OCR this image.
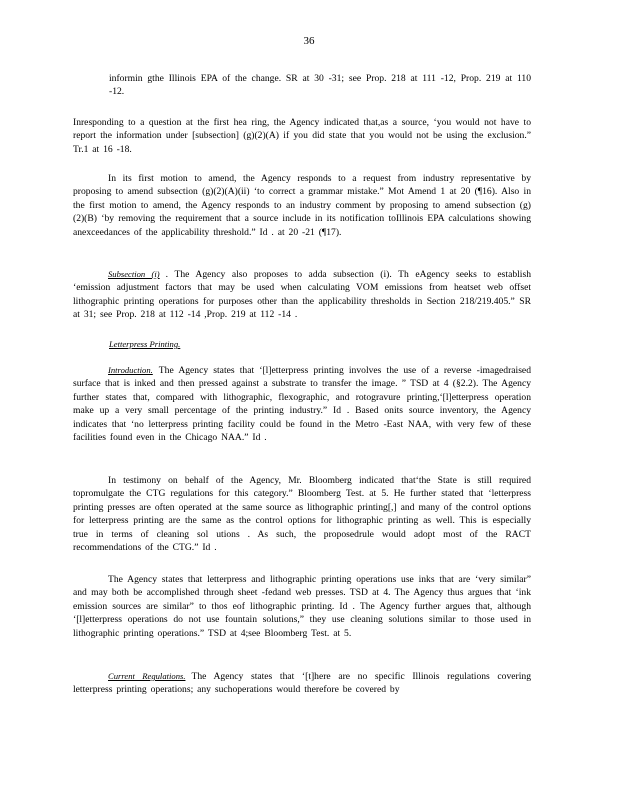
36
informin gthe Illinois EPA of the change. SR at 30 -31; see Prop. 218 at 111 -12, Prop. 219 at 110 -12.
Inresponding to a question at the first hea ring, the Agency indicated that,as a source, ‘you would not have to report the information under [subsection] (g)(2)(A) if you did state that you would not be using the exclusion.” Tr.1 at 16 -18.
In its first motion to amend, the Agency responds to a request from industry representative by proposing to amend subsection (g)(2)(A)(ii) ‘to correct a grammar mistake.” Mot Amend 1 at 20 (¶16). Also in the first motion to amend, the Agency responds to an industry comment by proposing to amend subsection (g) (2)(B) ‘by removing the requirement that a source include in its notification toIllinois EPA calculations showing anexceedances of the applicability threshold.” Id . at 20 -21 (¶17).
Subsection (i) . The Agency also proposes to adda subsection (i). Th eAgency seeks to establish ‘emission adjustment factors that may be used when calculating VOM emissions from heatset web offset lithographic printing operations for purposes other than the applicability thresholds in Section 218/219.405.” SR at 31; see Prop. 218 at 112 -14 ,Prop. 219 at 112 -14 .
Letterpress Printing.
Introduction. The Agency states that ‘[l]etterpress printing involves the use of a reverse -imagedraised surface that is inked and then pressed against a substrate to transfer the image. ” TSD at 4 (§2.2). The Agency further states that, compared with lithographic, flexographic, and rotogravure printing,‘[l]etterpress operation make up a very small percentage of the printing industry.” Id . Based onits source inventory, the Agency indicates that ‘no letterpress printing facility could be found in the Metro -East NAA, with very few of these facilities found even in the Chicago NAA.” Id .
In testimony on behalf of the Agency, Mr. Bloomberg indicated that‘the State is still required topromulgate the CTG regulations for this category.” Bloomberg Test. at 5. He further stated that ‘letterpress printing presses are often operated at the same source as lithographic printing[,] and many of the control options for letterpress printing are the same as the control options for lithographic printing as well. This is especially true in terms of cleaning sol utions . As such, the proposedrule would adopt most of the RACT recommendations of the CTG.” Id .
The Agency states that letterpress and lithographic printing operations use inks that are ‘very similar” and may both be accomplished through sheet -fedand web presses. TSD at 4. The Agency thus argues that ‘ink emission sources are similar” to thos eof lithographic printing. Id . The Agency further argues that, although ‘[l]etterpress operations do not use fountain solutions,” they use cleaning solutions similar to those used in lithographic printing operations.” TSD at 4;see Bloomberg Test. at 5.
Current Regulations. The Agency states that ‘[t]here are no specific Illinois regulations covering letterpress printing operations; any suchoperations would therefore be covered by
